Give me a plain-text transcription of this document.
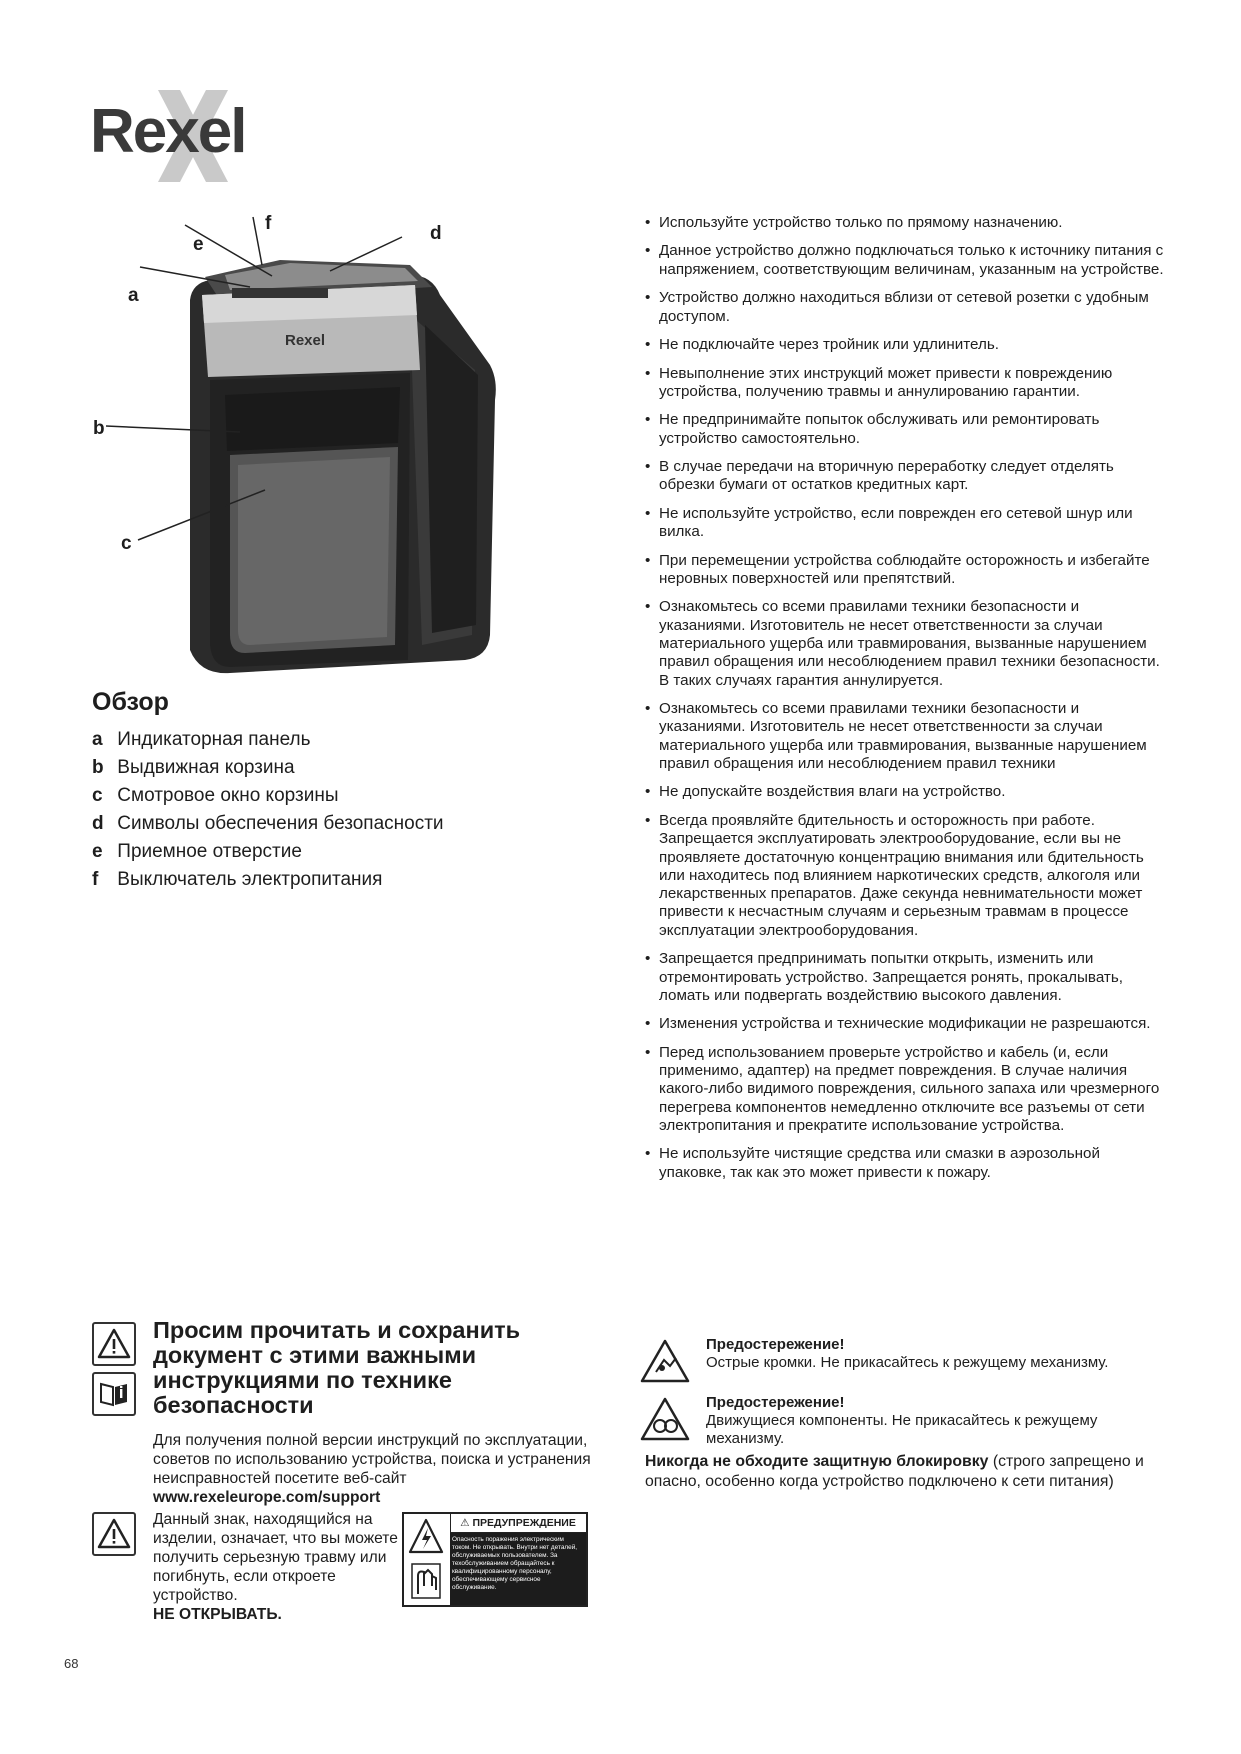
Rexel
Rexel
a
b
c
d
e
f
Обзор
a Индикаторная панель
b Выдвижная корзина
c Смотровое окно корзины
d Символы обеспечения безопасности
e Приемное отверстие
f Выключатель электропитания
• Используйте устройство только по прямому назначению.
• Данное устройство должно подключаться только к источнику питания с напряжением, соответствующим величинам, указанным на устройстве.
• Устройство должно находиться вблизи от сетевой розетки с удобным доступом.
• Не подключайте через тройник или удлинитель.
• Невыполнение этих инструкций может привести к повреждению устройства, получению травмы и аннулированию гарантии.
• Не предпринимайте попыток обслуживать или ремонтировать устройство самостоятельно.
• В случае передачи на вторичную переработку следует отделять обрезки бумаги от остатков кредитных карт.
• Не используйте устройство, если поврежден его сетевой шнур или вилка.
• При перемещении устройства соблюдайте осторожность и избегайте неровных поверхностей или препятствий.
• Ознакомьтесь со всеми правилами техники безопасности и указаниями. Изготовитель не несет ответственности за случаи материального ущерба или травмирования, вызванные нарушением правил обращения или несоблюдением правил техники безопасности. В таких случаях гарантия аннулируется.
• Ознакомьтесь со всеми правилами техники безопасности и указаниями. Изготовитель не несет ответственности за случаи материального ущерба или травмирования, вызванные нарушением правил обращения или несоблюдением правил техники
• Не допускайте воздействия влаги на устройство.
• Всегда проявляйте бдительность и осторожность при работе. Запрещается эксплуатировать электрооборудование, если вы не проявляете достаточную концентрацию внимания или бдительность или находитесь под влиянием наркотических средств, алкоголя или лекарственных препаратов. Даже секунда невнимательности может привести к несчастным случаям и серьезным травмам в процессе эксплуатации электрооборудования.
• Запрещается предпринимать попытки открыть, изменить или отремонтировать устройство. Запрещается ронять, прокалывать, ломать или подвергать воздействию высокого давления.
• Изменения устройства и технические модификации не разрешаются.
• Перед использованием проверьте устройство и кабель (и, если применимо, адаптер) на предмет повреждения. В случае наличия какого-либо видимого повреждения, сильного запаха или чрезмерного перегрева компонентов немедленно отключите все разъемы от сети электропитания и прекратите использование устройства.
• Не используйте чистящие средства или смазки в аэрозольной упаковке, так как это может привести к пожару.
Предостережение!
Острые кромки. Не прикасайтесь к режущему механизму.
Предостережение!
Движущиеся компоненты. Не прикасайтесь к режущему механизму.
Никогда не обходите защитную блокировку (строго запрещено и опасно, особенно когда устройство подключено к сети питания)
Просим прочитать и сохранить документ с этими важными инструкциями по технике безопасности
Для получения полной версии инструкций по эксплуатации, советов по использованию устройства, поиска и устранения неисправностей посетите веб-сайт www.rexeleurope.com/support
Данный знак, находящийся на изделии, означает, что вы можете получить серьезную травму или погибнуть, если откроете устройство.
НЕ ОТКРЫВАТЬ.
⚠ ПРЕДУПРЕЖДЕНИЕ
Опасность поражения электрическим током. Не открывать. Внутри нет деталей, обслуживаемых пользователем. За техобслуживанием обращайтесь к квалифицированному персоналу, обеспечивающему сервисное обслуживание.
68
